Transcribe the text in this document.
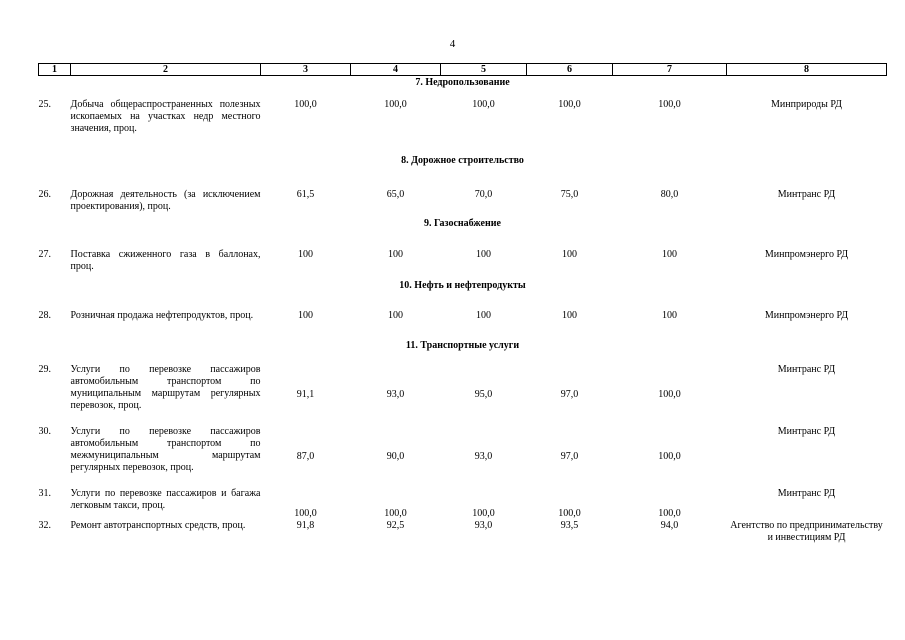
4
1	2	3	4	5	6	7	8
7. Недропользование							
25.	Добыча общераспространенных полезных ископаемых на участках недр местного значения, проц.	100,0	100,0	100,0	100,0	100,0	Минприроды РД
8. Дорожное строительство							
26.	Дорожная деятельность (за исключением проектирования), проц.	61,5	65,0	70,0	75,0	80,0	Минтранс РД
9. Газоснабжение							
27.	Поставка сжиженного газа в баллонах, проц.	100	100	100	100	100	Минпромэнерго РД
10. Нефть и нефтепродукты							
28.	Розничная продажа нефтепродуктов, проц.	100	100	100	100	100	Минпромэнерго РД
11. Транспортные услуги							
29.	Услуги по перевозке пассажиров автомобильным транспортом по муниципальным маршрутам регулярных перевозок, проц.	91,1	93,0	95,0	97,0	100,0	Минтранс РД
30.	Услуги по перевозке пассажиров автомобильным транспортом по межмуниципальным маршрутам регулярных перевозок, проц.	87,0	90,0	93,0	97,0	100,0	Минтранс РД
31.	Услуги по перевозке пассажиров и багажа легковым такси, проц.	100,0	100,0	100,0	100,0	100,0	Минтранс РД
32.	Ремонт автотранспортных средств, проц.	91,8	92,5	93,0	93,5	94,0	Агентство по предпринимательству и инвестициям РД
